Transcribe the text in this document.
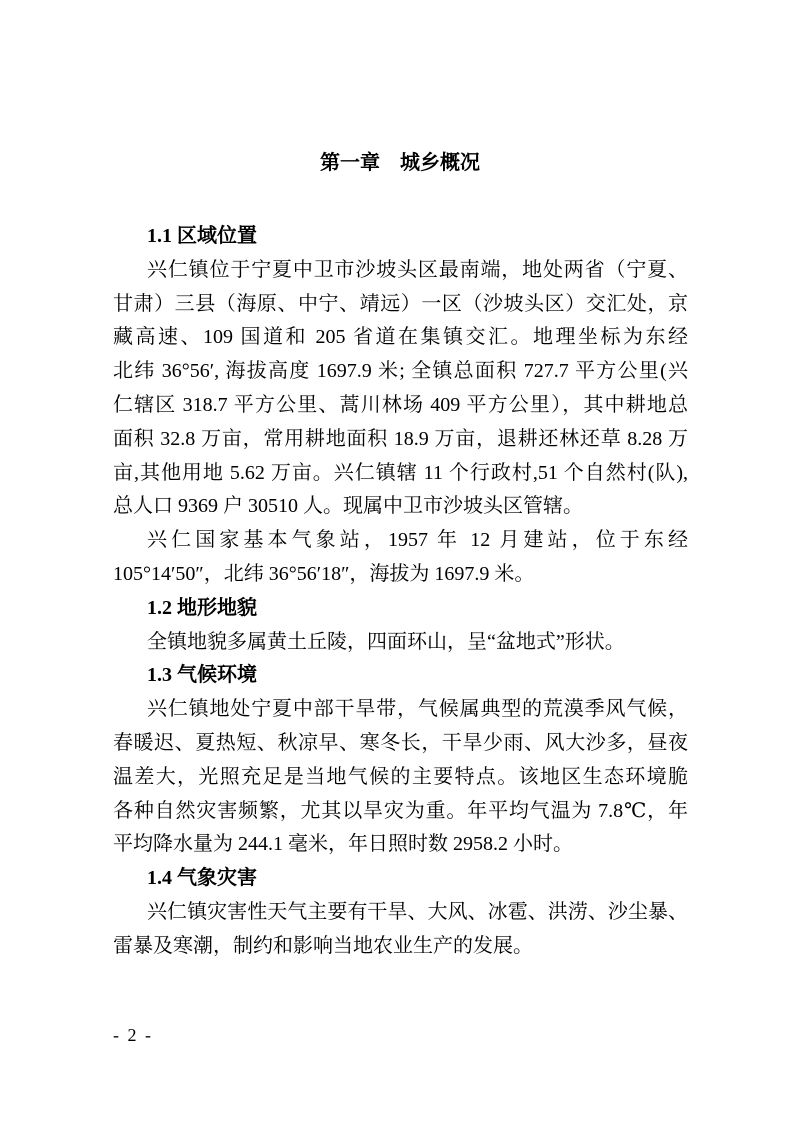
第一章　城乡概况
1.1 区域位置
兴仁镇位于宁夏中卫市沙坡头区最南端，地处两省（宁夏、
甘肃）三县（海原、中宁、靖远）一区（沙坡头区）交汇处，京
藏高速、109 国道和 205 省道在集镇交汇。地理坐标为东经
北纬 36°56′, 海拔高度 1697.9 米; 全镇总面积 727.7 平方公里(兴
仁辖区 318.7 平方公里、蒿川林场 409 平方公里），其中耕地总
面积 32.8 万亩，常用耕地面积 18.9 万亩，退耕还林还草 8.28 万
亩,其他用地 5.62 万亩。兴仁镇辖 11 个行政村,51 个自然村(队),
总人口 9369 户 30510 人。现属中卫市沙坡头区管辖。
兴仁国家基本气象站，1957 年 12 月建站，位于东经
105°14′50″，北纬 36°56′18″，海拔为 1697.9 米。
1.2 地形地貌
全镇地貌多属黄土丘陵，四面环山，呈“盆地式”形状。
1.3 气候环境
兴仁镇地处宁夏中部干旱带，气候属典型的荒漠季风气候，
春暖迟、夏热短、秋凉早、寒冬长，干旱少雨、风大沙多，昼夜
温差大，光照充足是当地气候的主要特点。该地区生态环境脆
各种自然灾害频繁，尤其以旱灾为重。年平均气温为 7.8℃，年
平均降水量为 244.1 毫米，年日照时数 2958.2 小时。
1.4 气象灾害
兴仁镇灾害性天气主要有干旱、大风、冰雹、洪涝、沙尘暴、
雷暴及寒潮，制约和影响当地农业生产的发展。
- 2 -
